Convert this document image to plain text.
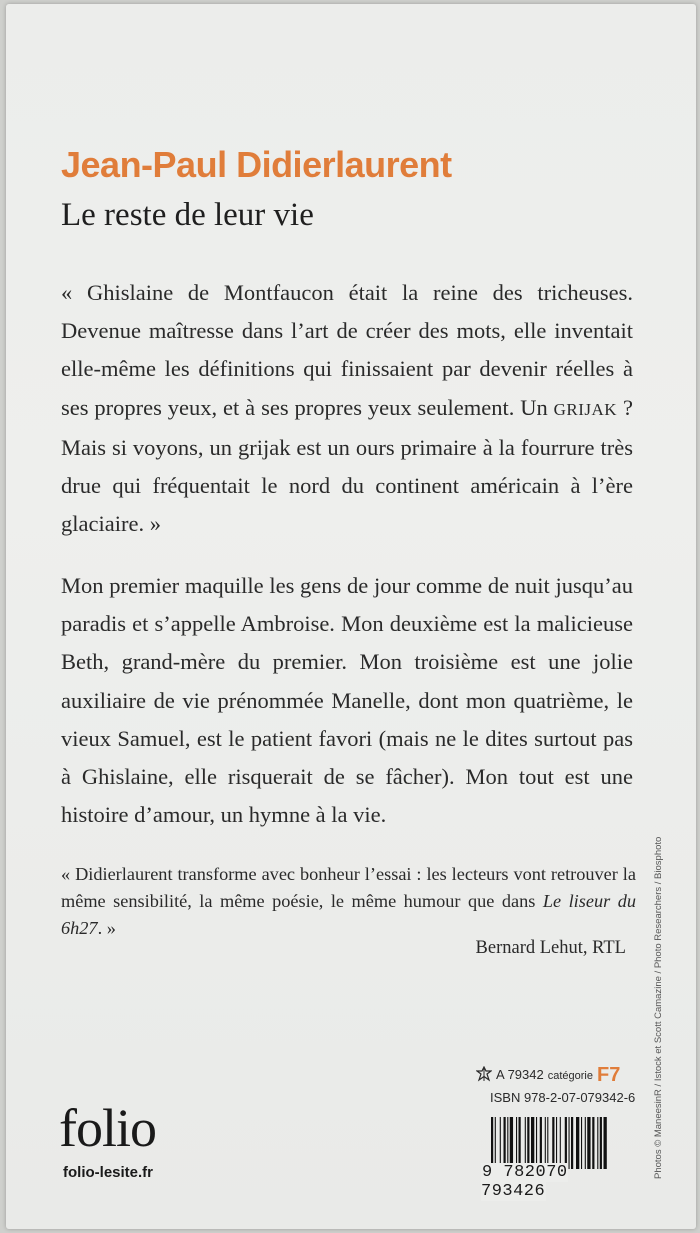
Jean-Paul Didierlaurent
Le reste de leur vie
« Ghislaine de Montfaucon était la reine des tricheuses. Devenue maîtresse dans l’art de créer des mots, elle inventait elle-même les définitions qui finissaient par devenir réelles à ses propres yeux, et à ses propres yeux seulement. Un GRIJAK ? Mais si voyons, un grijak est un ours primaire à la fourrure très drue qui fréquentait le nord du continent américain à l’ère glaciaire. »
Mon premier maquille les gens de jour comme de nuit jusqu’au paradis et s’appelle Ambroise. Mon deuxième est la malicieuse Beth, grand-mère du premier. Mon troisième est une jolie auxiliaire de vie prénommée Manelle, dont mon quatrième, le vieux Samuel, est le patient favori (mais ne le dites surtout pas à Ghislaine, elle risquerait de se fâcher). Mon tout est une histoire d’amour, un hymne à la vie.
« Didierlaurent transforme avec bonheur l’essai : les lecteurs vont retrouver la même sensibilité, la même poésie, le même humour que dans Le liseur du 6h27. »
Bernard Lehut, RTL	Photos © ManeesinR / Istock et Scott Camazine / Photo Researchers / Biosphoto
A 79342 catégorie F7
ISBN 978-2-07-079342-6
9 782070 793426
folio
folio-lesite.fr
